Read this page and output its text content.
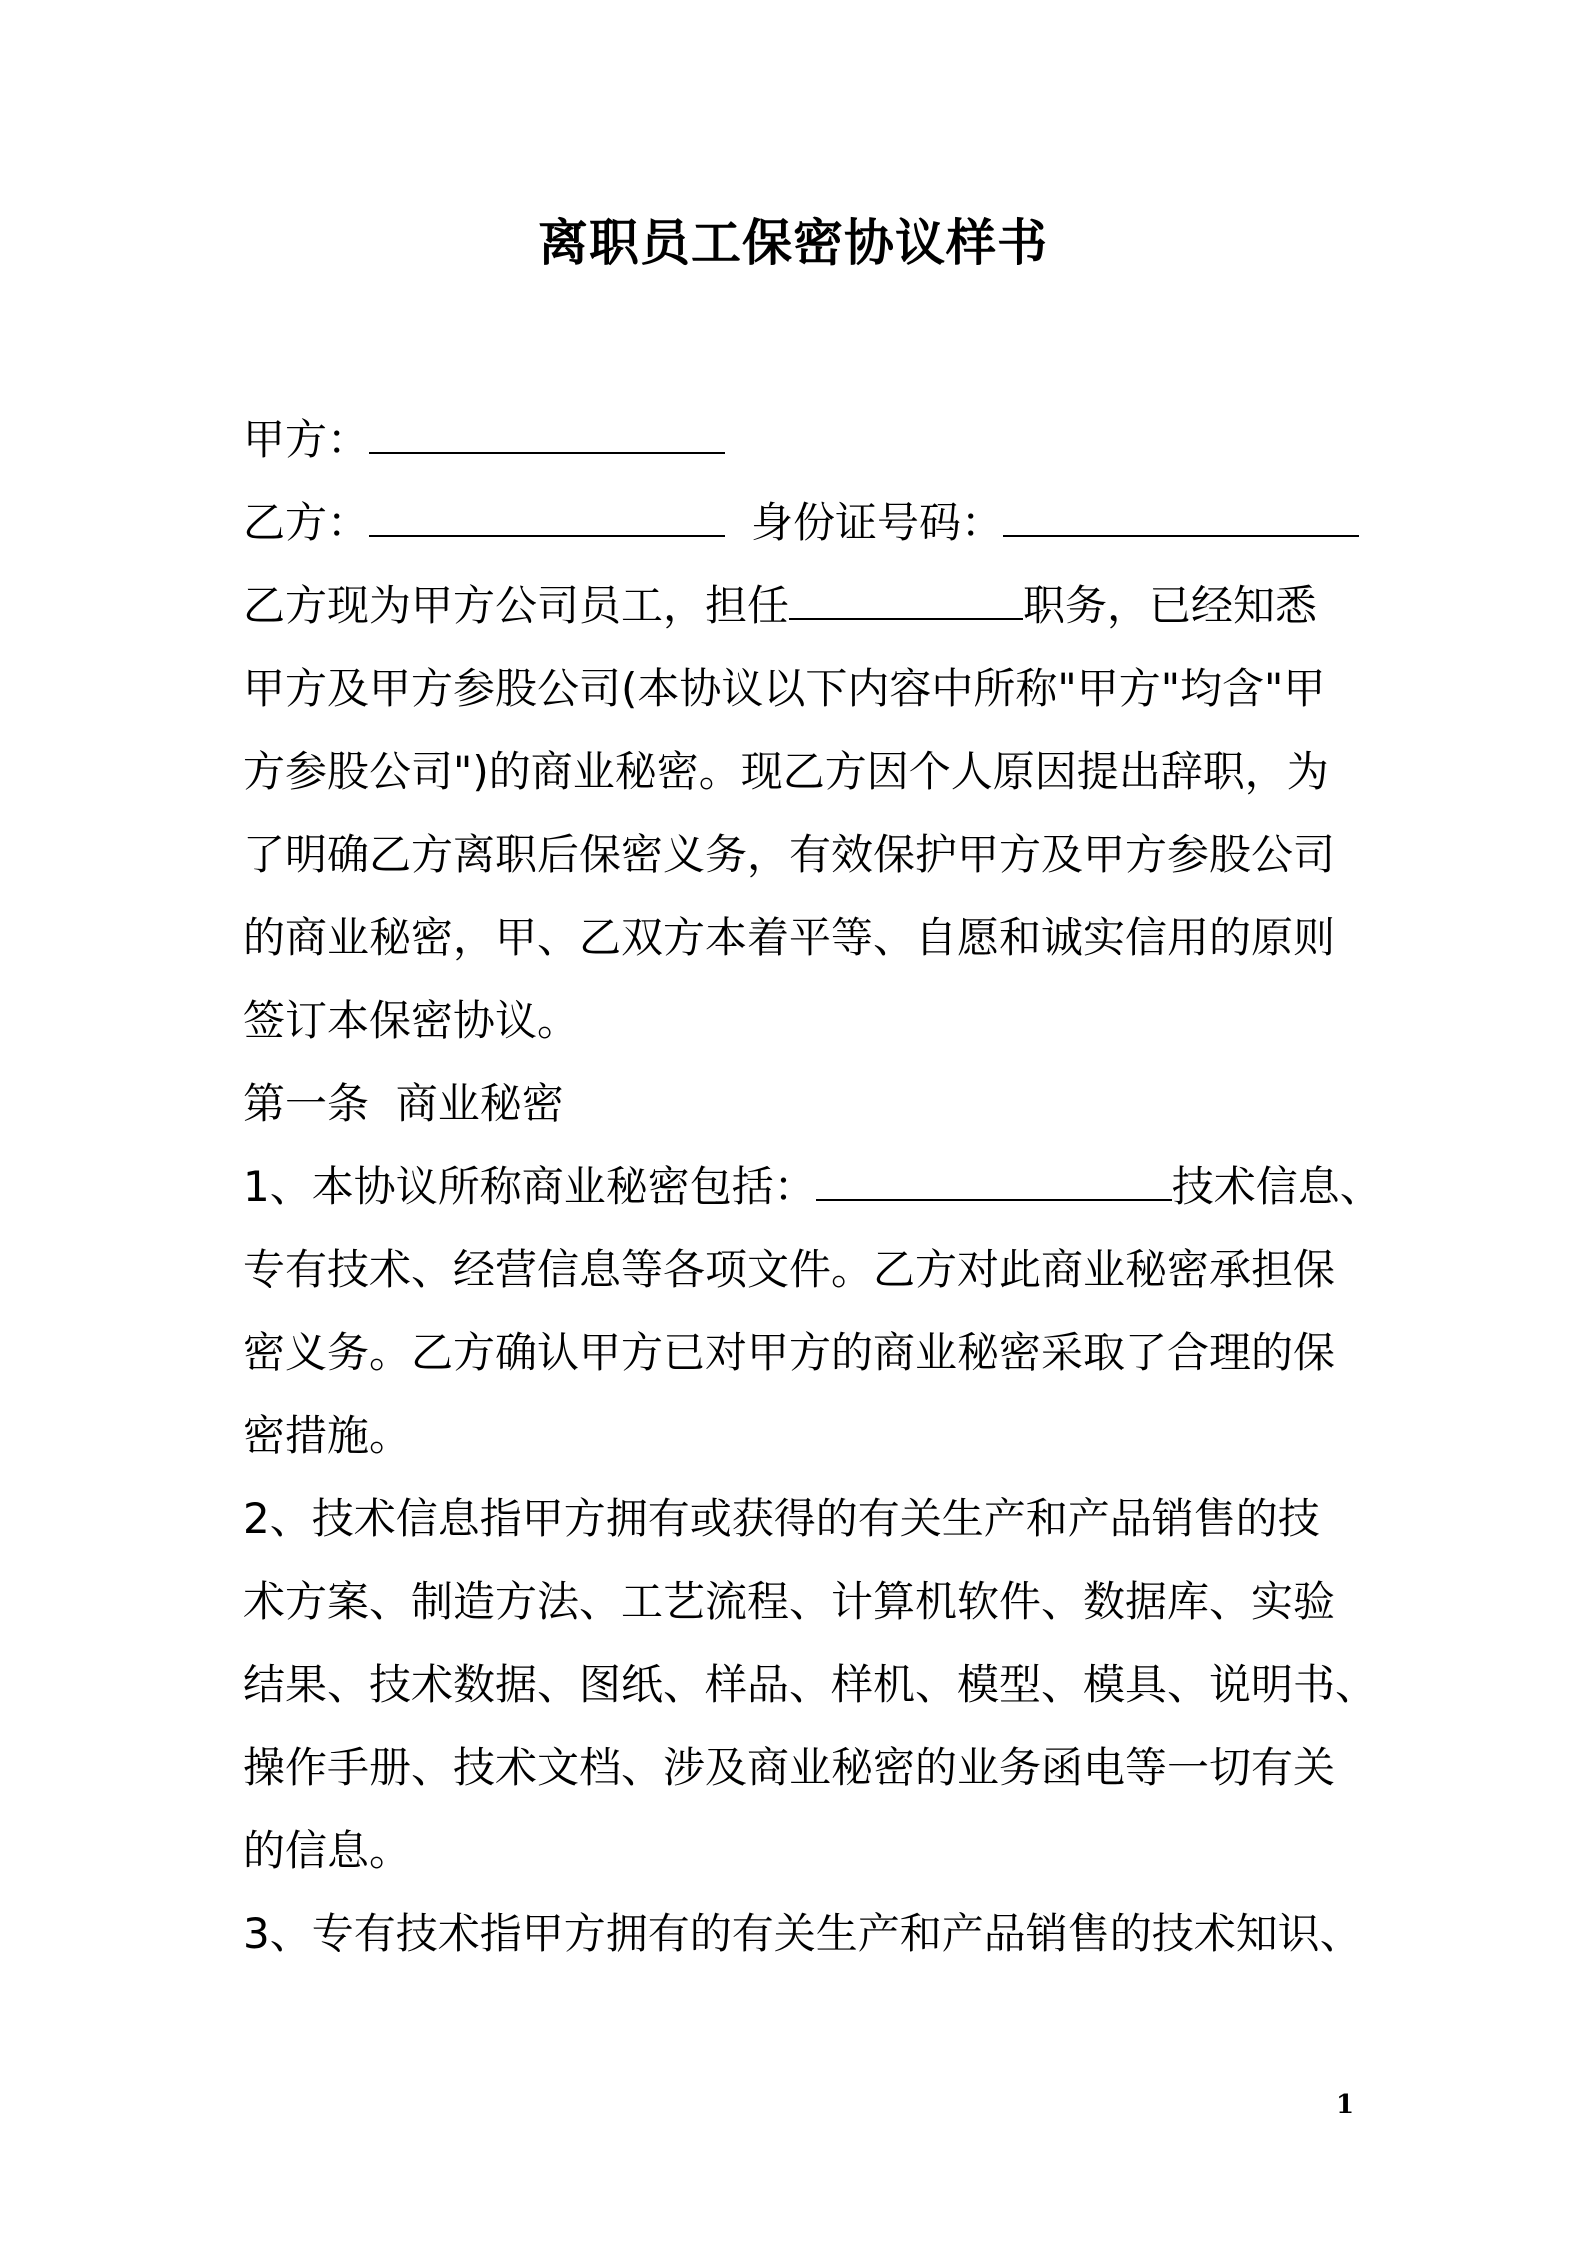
离职员工保密协议样书
甲方：
乙方：	身份证号码：
乙方现为甲方公司员工，担任	职务，已经知悉
甲方及甲方参股公司(本协议以下内容中所称"甲方"均含"甲
方参股公司")的商业秘密。现乙方因个人原因提出辞职，为
了明确乙方离职后保密义务，有效保护甲方及甲方参股公司
的商业秘密，甲、乙双方本着平等、自愿和诚实信用的原则
签订本保密协议。
第一条  商业秘密
1、本协议所称商业秘密包括：	技术信息、
专有技术、经营信息等各项文件。乙方对此商业秘密承担保
密义务。乙方确认甲方已对甲方的商业秘密采取了合理的保
密措施。
2、技术信息指甲方拥有或获得的有关生产和产品销售的技
术方案、制造方法、工艺流程、计算机软件、数据库、实验
结果、技术数据、图纸、样品、样机、模型、模具、说明书、
操作手册、技术文档、涉及商业秘密的业务函电等一切有关
的信息。
3、专有技术指甲方拥有的有关生产和产品销售的技术知识、
1
